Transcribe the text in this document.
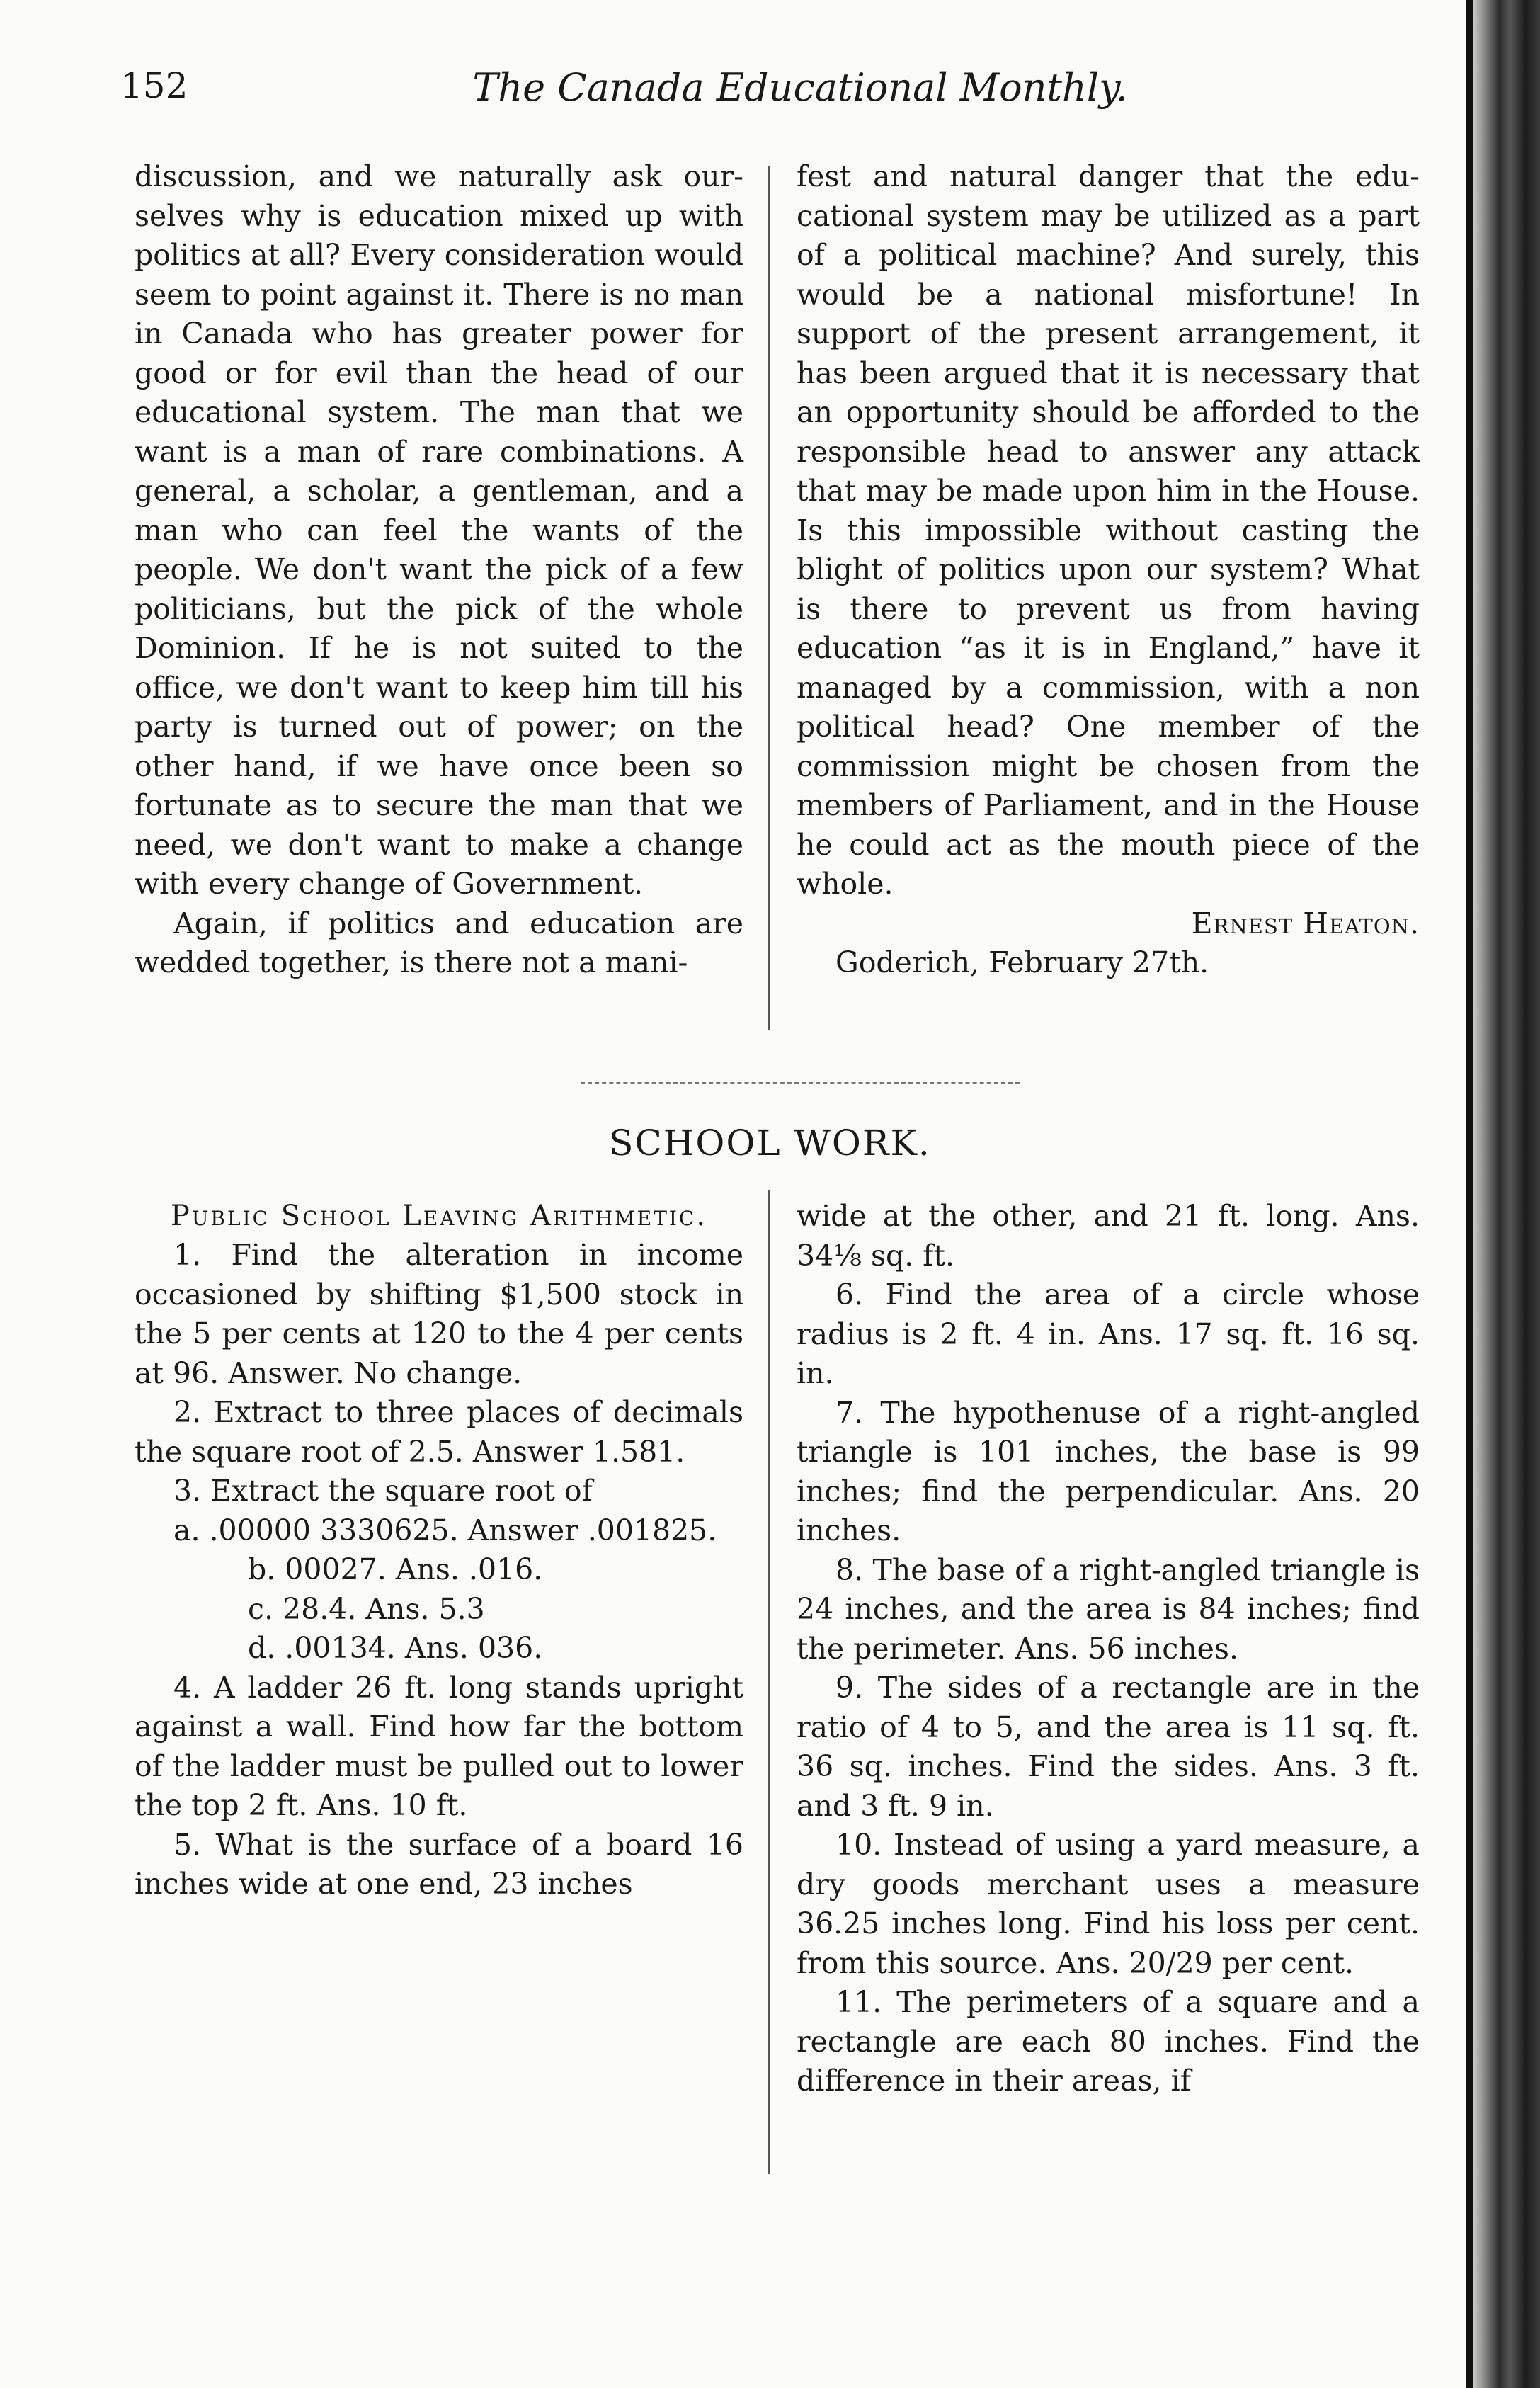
152	The Canada Educational Monthly.

discussion, and we naturally ask ourselves why is education mixed up with politics at all? Every consideration would seem to point against it. There is no man in Canada who has greater power for good or for evil than the head of our educational system. The man that we want is a man of rare combinations. A general, a scholar, a gentleman, and a man who can feel the wants of the people. We don't want the pick of a few politicians, but the pick of the whole Dominion. If he is not suited to the office, we don't want to keep him till his party is turned out of power; on the other hand, if we have once been so fortunate as to secure the man that we need, we don't want to make a change with every change of Government.

Again, if politics and education are wedded together, is there not a mani-

fest and natural danger that the educational system may be utilized as a part of a political machine? And surely, this would be a national misfortune! In support of the present arrangement, it has been argued that it is necessary that an opportunity should be afforded to the responsible head to answer any attack that may be made upon him in the House. Is this impossible without casting the blight of politics upon our system? What is there to prevent us from having education “as it is in England,” have it managed by a commission, with a non political head? One member of the commission might be chosen from the members of Parliament, and in the House he could act as the mouth piece of the whole.

Ernest Heaton.

Goderich, February 27th.

SCHOOL WORK.

Public School Leaving Arithmetic.

1. Find the alteration in income occasioned by shifting $1,500 stock in the 5 per cents at 120 to the 4 per cents at 96. Answer. No change.

2. Extract to three places of decimals the square root of 2.5. Answer 1.581.

3. Extract the square root of

a. .00000 3330625. Answer .001825.

b. 00027. Ans. .016.

c. 28.4. Ans. 5.3

d. .00134. Ans. 036.

4. A ladder 26 ft. long stands upright against a wall. Find how far the bottom of the ladder must be pulled out to lower the top 2 ft. Ans. 10 ft.

5. What is the surface of a board 16 inches wide at one end, 23 inches

wide at the other, and 21 ft. long. Ans. 34⅛ sq. ft.

6. Find the area of a circle whose radius is 2 ft. 4 in. Ans. 17 sq. ft. 16 sq. in.

7. The hypothenuse of a right-angled triangle is 101 inches, the base is 99 inches; find the perpendicular. Ans. 20 inches.

8. The base of a right-angled triangle is 24 inches, and the area is 84 inches; find the perimeter. Ans. 56 inches.

9. The sides of a rectangle are in the ratio of 4 to 5, and the area is 11 sq. ft. 36 sq. inches. Find the sides. Ans. 3 ft. and 3 ft. 9 in.

10. Instead of using a yard measure, a dry goods merchant uses a measure 36.25 inches long. Find his loss per cent. from this source. Ans. 20/29 per cent.

11. The perimeters of a square and a rectangle are each 80 inches. Find the difference in their areas, if
